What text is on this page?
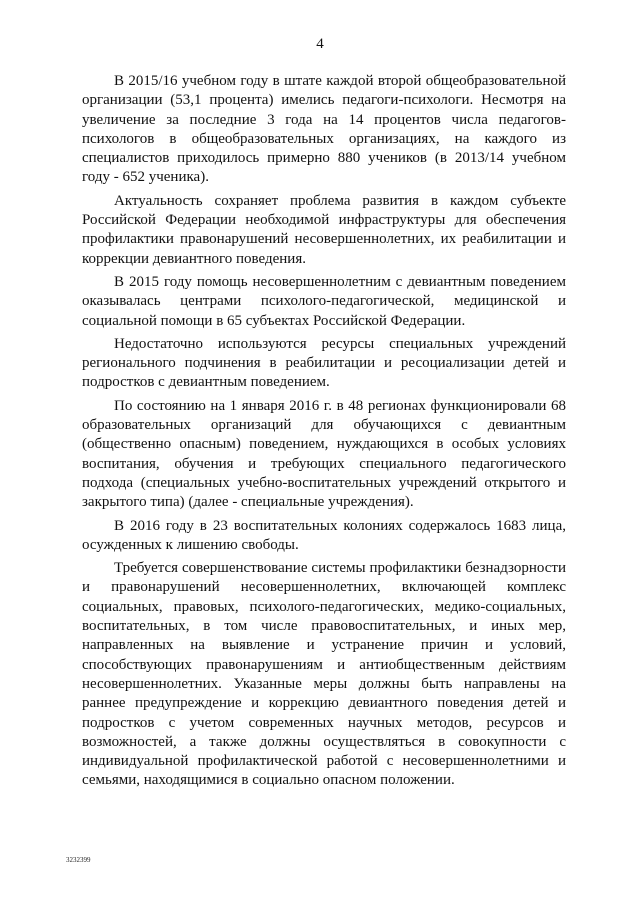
4

В 2015/16 учебном году в штате каждой второй общеобразовательной организации (53,1 процента) имелись педагоги-психологи. Несмотря на увеличение за последние 3 года на 14 процентов числа педагогов-психологов в общеобразовательных организациях, на каждого из специалистов приходилось примерно 880 учеников (в 2013/14 учебном году - 652 ученика).

Актуальность сохраняет проблема развития в каждом субъекте Российской Федерации необходимой инфраструктуры для обеспечения профилактики правонарушений несовершеннолетних, их реабилитации и коррекции девиантного поведения.

В 2015 году помощь несовершеннолетним с девиантным поведением оказывалась центрами психолого-педагогической, медицинской и социальной помощи в 65 субъектах Российской Федерации.

Недостаточно используются ресурсы специальных учреждений регионального подчинения в реабилитации и ресоциализации детей и подростков с девиантным поведением.

По состоянию на 1 января 2016 г. в 48 регионах функционировали 68 образовательных организаций для обучающихся с девиантным (общественно опасным) поведением, нуждающихся в особых условиях воспитания, обучения и требующих специального педагогического подхода (специальных учебно-воспитательных учреждений открытого и закрытого типа) (далее - специальные учреждения).

В 2016 году в 23 воспитательных колониях содержалось 1683 лица, осужденных к лишению свободы.

Требуется совершенствование системы профилактики безнадзорности и правонарушений несовершеннолетних, включающей комплекс социальных, правовых, психолого-педагогических, медико-социальных, воспитательных, в том числе правовоспитательных, и иных мер, направленных на выявление и устранение причин и условий, способствующих правонарушениям и антиобщественным действиям несовершеннолетних. Указанные меры должны быть направлены на раннее предупреждение и коррекцию девиантного поведения детей и подростков с учетом современных научных методов, ресурсов и возможностей, а также должны осуществляться в совокупности с индивидуальной профилактической работой с несовершеннолетними и семьями, находящимися в социально опасном положении.

3232399
